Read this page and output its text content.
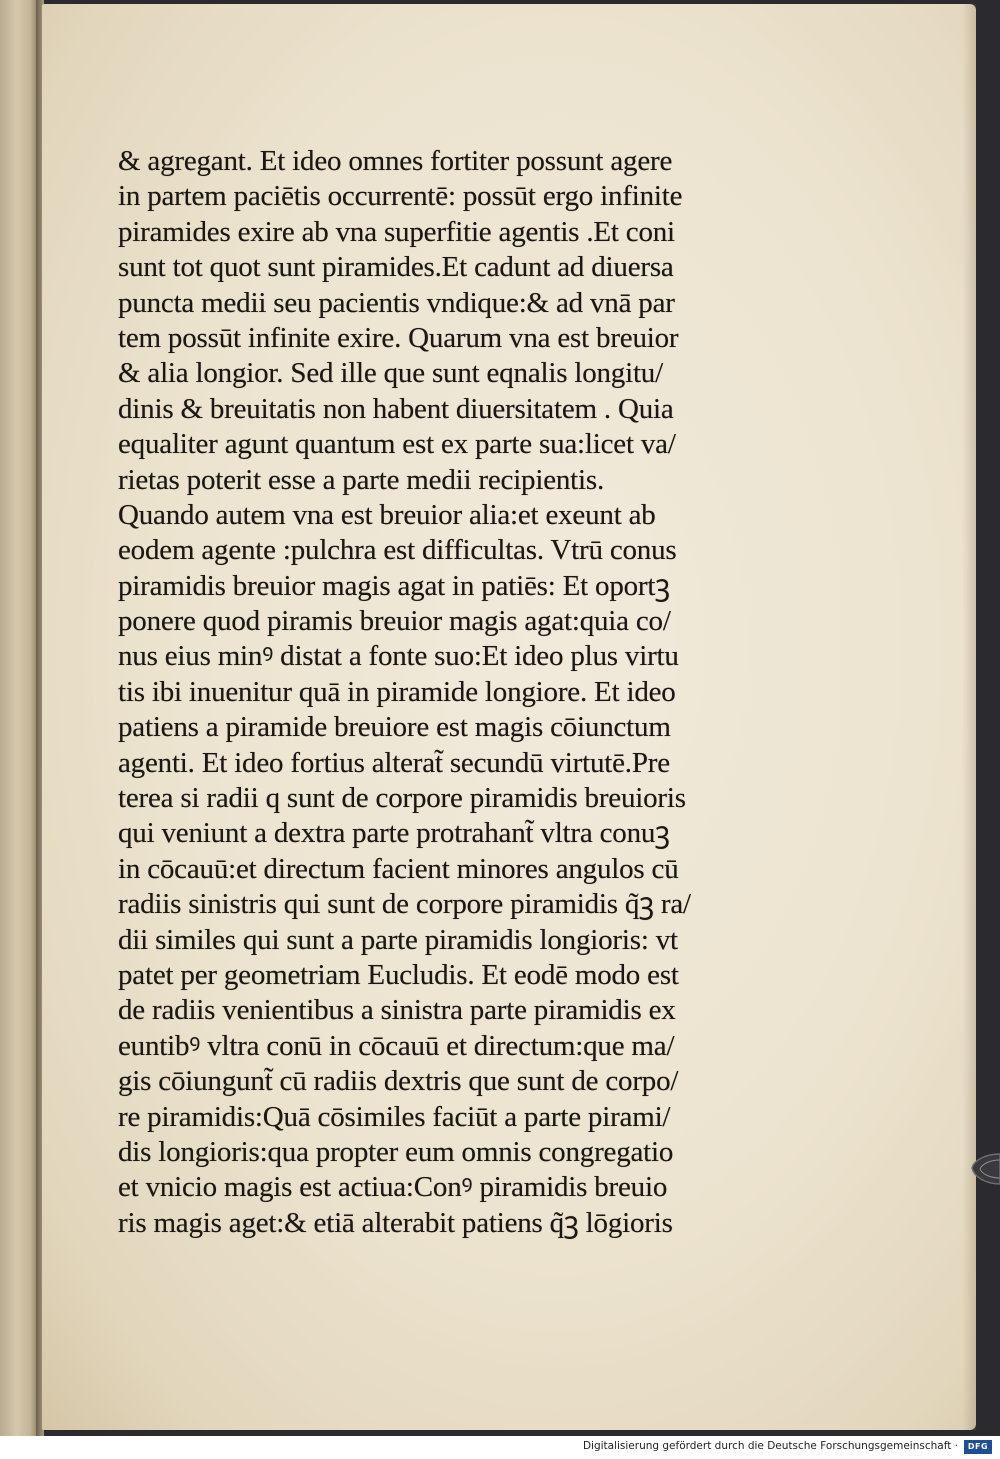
& agregant. Et ideo omnes fortiter possunt agere
in partem paciētis occurrentē: possūt ergo infinite
piramides exire ab vna superfitie agentis .Et coni
sunt tot quot sunt piramides.Et cadunt ad diuersa
puncta medii seu pacientis vndique:& ad vnā par
tem possūt infinite exire. Quarum vna est breuior
& alia longior. Sed ille que sunt eqnalis longitu/
dinis & breuitatis non habent diuersitatem . Quia
equaliter agunt quantum est ex parte sua:licet va/
rietas poterit esse a parte medii recipientis.
Quando autem vna est breuior alia:et exeunt ab
eodem agente :pulchra est difficultas. Vtrū conus
piramidis breuior magis agat in patiēs: Et oportꝫ
ponere quod piramis breuior magis agat:quia co/
nus eius minꝰ distat a fonte suo:Et ideo plus virtu
tis ibi inuenitur quā in piramide longiore. Et ideo
patiens a piramide breuiore est magis cōiunctum
agenti. Et ideo fortius alterat̃ secundū virtutē.Pre
terea si radii q sunt de corpore piramidis breuioris
qui veniunt a dextra parte protrahant̃ vltra conuꝫ
in cōcauū:et directum facient minores angulos cū
radiis sinistris qui sunt de corpore piramidis q̃ꝫ ra/
dii similes qui sunt a parte piramidis longioris: vt
patet per geometriam Eucludis. Et eodē modo est
de radiis venientibus a sinistra parte piramidis ex
euntibꝰ vltra conū in cōcauū et directum:que ma/
gis cōiungunt̃ cū radiis dextris que sunt de corpo/
re piramidis:Quā cōsimiles faciūt a parte pirami/
dis longioris:qua propter eum omnis congregatio
et vnicio magis est actiua:Conꝰ piramidis breuio
ris magis aget:& etiā alterabit patiens q̃ꝫ lōgioris
Digitalisierung gefördert durch die Deutsche Forschungsgemeinschaft ·	DFG
